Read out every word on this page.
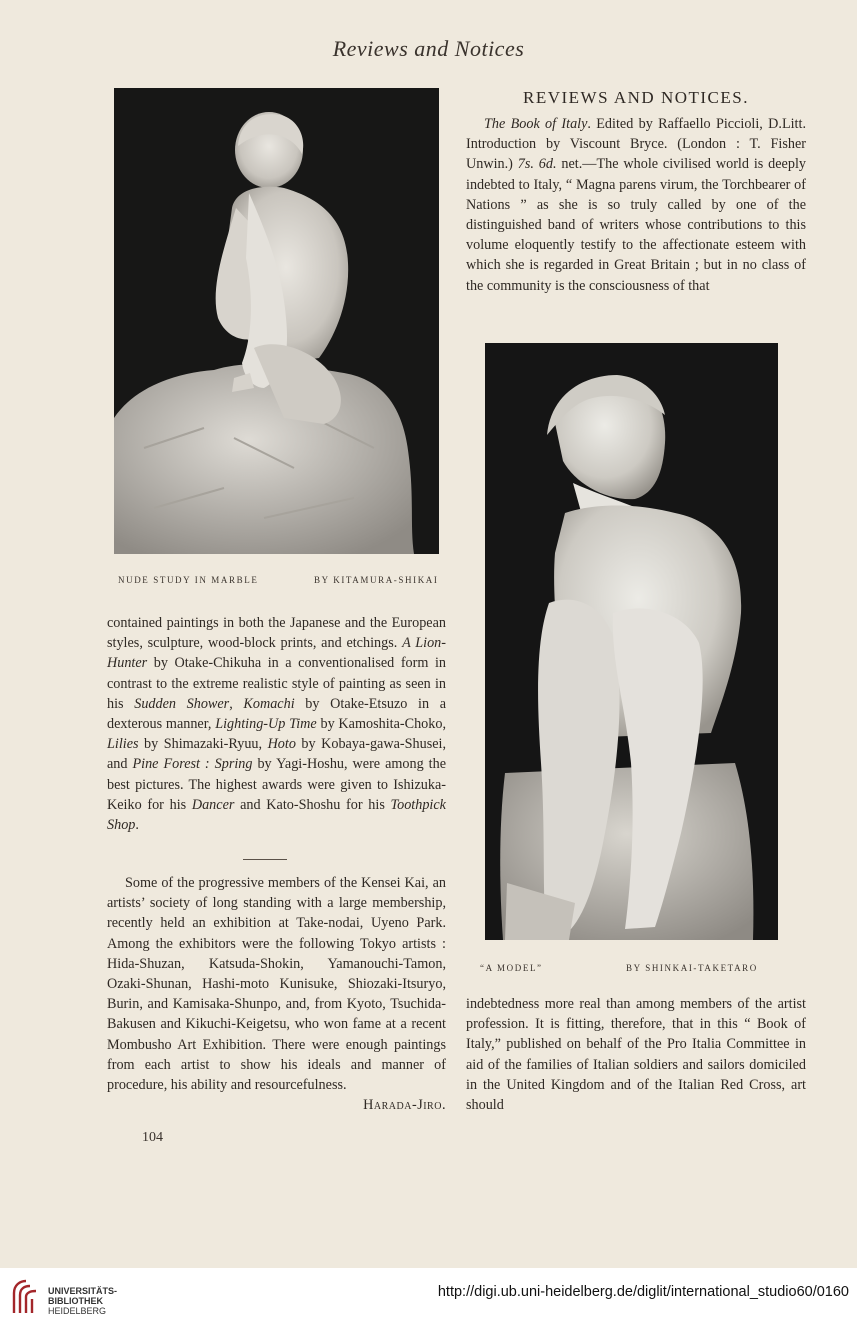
Reviews and Notices
NUDE STUDY IN MARBLE	BY KITAMURA-SHIKAI
“A MODEL”	BY SHINKAI-TAKETARO

contained paintings in both the Japanese and the European styles, sculpture, wood-block prints, and etchings. A Lion-Hunter by Otake-Chikuha in a conventionalised form in contrast to the extreme realistic style of painting as seen in his Sudden Shower, Komachi by Otake-Etsuzo in a dexterous manner, Lighting-Up Time by Kamoshita-Choko, Lilies by Shimazaki-Ryuu, Hoto by Kobaya-gawa-Shusei, and Pine Forest : Spring by Yagi-Hoshu, were among the best pictures. The highest awards were given to Ishizuka-Keiko for his Dancer and Kato-Shoshu for his Toothpick Shop.

Some of the progressive members of the Kensei Kai, an artists’ society of long standing with a large membership, recently held an exhibition at Take-nodai, Uyeno Park. Among the exhibitors were the following Tokyo artists : Hida-Shuzan, Katsuda-Shokin, Yamanouchi-Tamon, Ozaki-Shunan, Hashi-moto Kunisuke, Shiozaki-Itsuryo, Burin, and Kamisaka-Shunpo, and, from Kyoto, Tsuchida-Bakusen and Kikuchi-Keigetsu, who won fame at a recent Mombusho Art Exhibition. There were enough paintings from each artist to show his ideals and manner of procedure, his ability and resourcefulness.
Harada-Jiro.

104
REVIEWS AND NOTICES.

The Book of Italy. Edited by Raffaello Piccioli, D.Litt. Introduction by Viscount Bryce. (London : T. Fisher Unwin.) 7s. 6d. net.—The whole civilised world is deeply indebted to Italy, “ Magna parens virum, the Torchbearer of Nations ” as she is so truly called by one of the distinguished band of writers whose contributions to this volume eloquently testify to the affectionate esteem with which she is regarded in Great Britain ; but in no class of the community is the consciousness of that

indebtedness more real than among members of the artist profession. It is fitting, therefore, that in this “ Book of Italy,” published on behalf of the Pro Italia Committee in aid of the families of Italian soldiers and sailors domiciled in the United Kingdom and of the Italian Red Cross, art should

UNIVERSITÄTS-
BIBLIOTHEK
HEIDELBERG
http://digi.ub.uni-heidelberg.de/diglit/international_studio60/0160
